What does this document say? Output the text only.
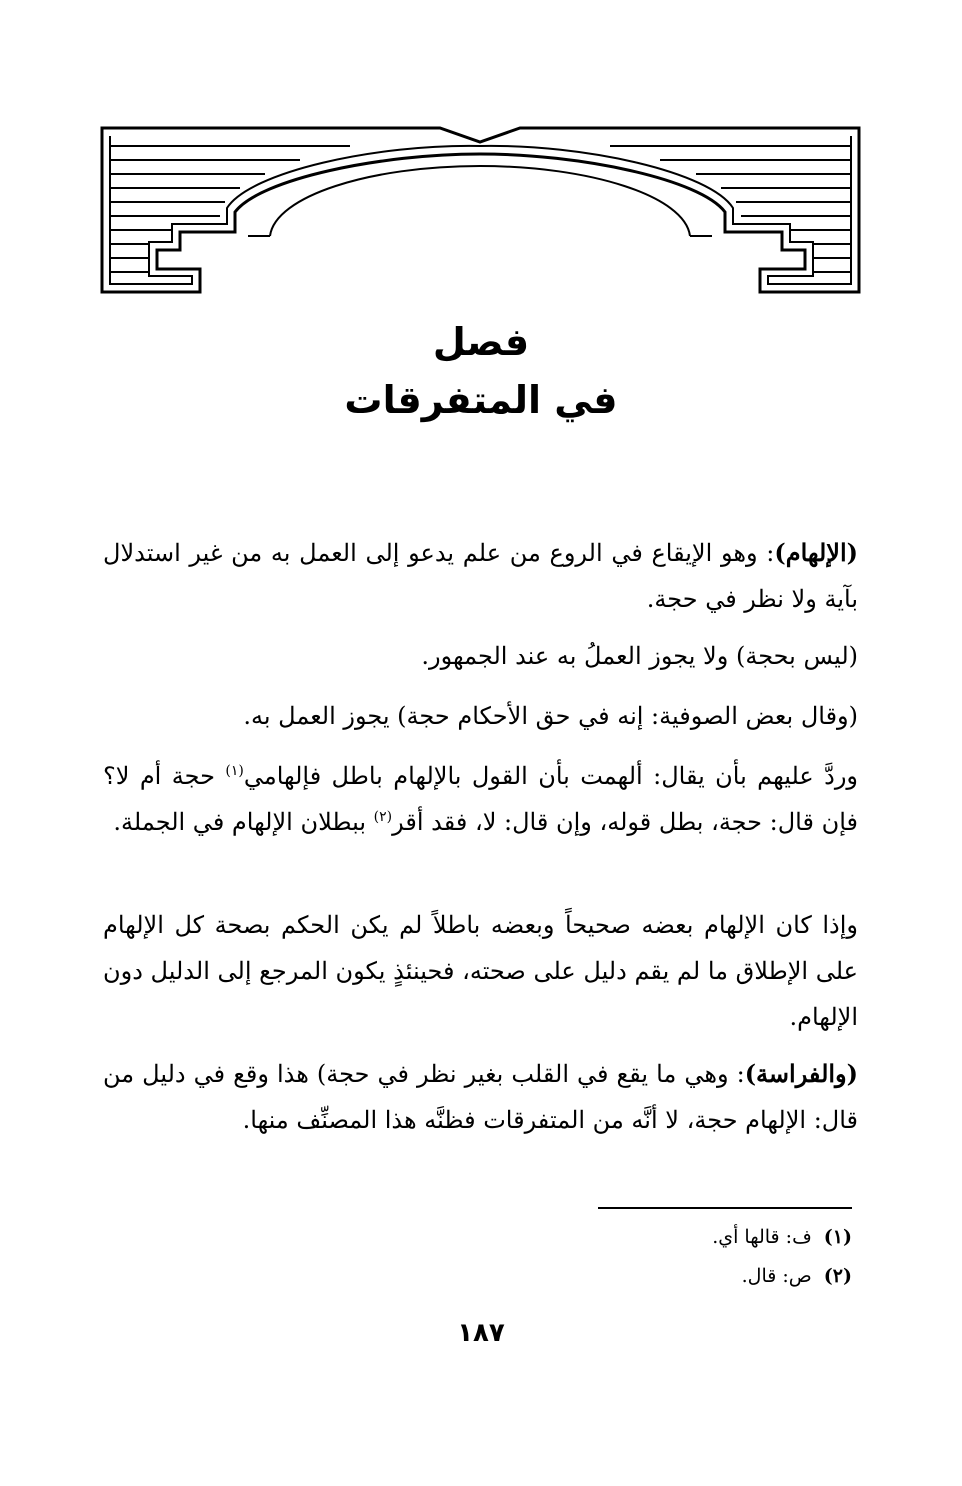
فصل
في المتفرقات
(الإلهام): وهو الإيقاع في الروع من علم يدعو إلى العمل به من غير استدلال بآية ولا نظر في حجة.
(ليس بحجة) ولا يجوز العملُ به عند الجمهور.
(وقال بعض الصوفية: إنه في حق الأحكام حجة) يجوز العمل به.
وردَّ عليهم بأن يقال: ألهمت بأن القول بالإلهام باطل فإلهامي$^{(١)}$ حجة أم لا؟ فإن قال: حجة، بطل قوله، وإن قال: لا، فقد أقر$^{(٢)}$ ببطلان الإلهام في الجملة.
وإذا كان الإلهام بعضه صحيحاً وبعضه باطلاً لم يكن الحكم بصحة كل الإلهام على الإطلاق ما لم يقم دليل على صحته، فحينئذٍ يكون المرجع إلى الدليل دون الإلهام.
(والفراسة): وهي ما يقع في القلب بغير نظر في حجة) هذا وقع في دليل من قال: الإلهام حجة، لا أنَّه من المتفرقات فظنَّه هذا المصنِّف منها.
(١)ف: قالها أي.
(٢)ص: قال.
١٨٧
